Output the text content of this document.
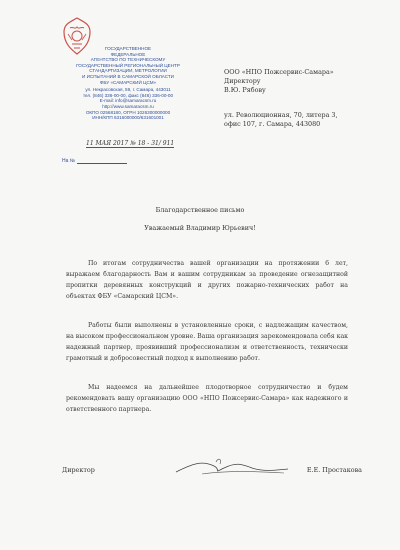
ГОСУДАРСТВЕННОЕ
ФЕДЕРАЛЬНОЕ
АГЕНТСТВО ПО ТЕХНИЧЕСКОМУ
ГОСУДАРСТВЕННЫЙ РЕГИОНАЛЬНЫЙ ЦЕНТР
СТАНДАРТИЗАЦИИ, МЕТРОЛОГИИ
И ИСПЫТАНИЙ В САМАРСКОЙ ОБЛАСТИ
ФБУ «САМАРСКИЙ ЦСМ»
ул. Некрасовская, 59, г. Самара, 443011
тел. (846) 336-00-00, факс (846) 336-00-00
E-mail: info@samaracsm.ru
http://www.samaracsm.ru
ОКПО 02568180, ОГРН 1026300000000
ИНН/КПП 6316000000/631601001
11 МАЯ 2017 № 18 - 31/ 911
На №
ООО «НПО Пожсервис-Самара»
Директору
В.Ю. Рябову
ул. Революционная, 70, литера 3,
офис 107, г. Самара, 443080
Благодарственное письмо
Уважаемый Владимир Юрьевич!

По итогам сотрудничества вашей организации на протяжении 6 лет, выражаем благодарность Вам и вашим сотрудникам за проведение огнезащитной пропитки деревянных конструкций и других пожарно-технических работ на объектах ФБУ «Самарский ЦСМ».

Работы были выполнены в установленные сроки, с надлежащим качеством, на высоком профессиональном уровне. Ваша организация зарекомендовала себя как надежный партнер, проявивший профессионализм и ответственность, технически грамотный и добросовестный подход к выполнению работ.

Мы надеемся на дальнейшее плодотворное сотрудничество и будем рекомендовать вашу организацию ООО «НПО Пожсервис-Самара» как надежного и ответственного партнера.

Директор	Е.Е. Простакова
